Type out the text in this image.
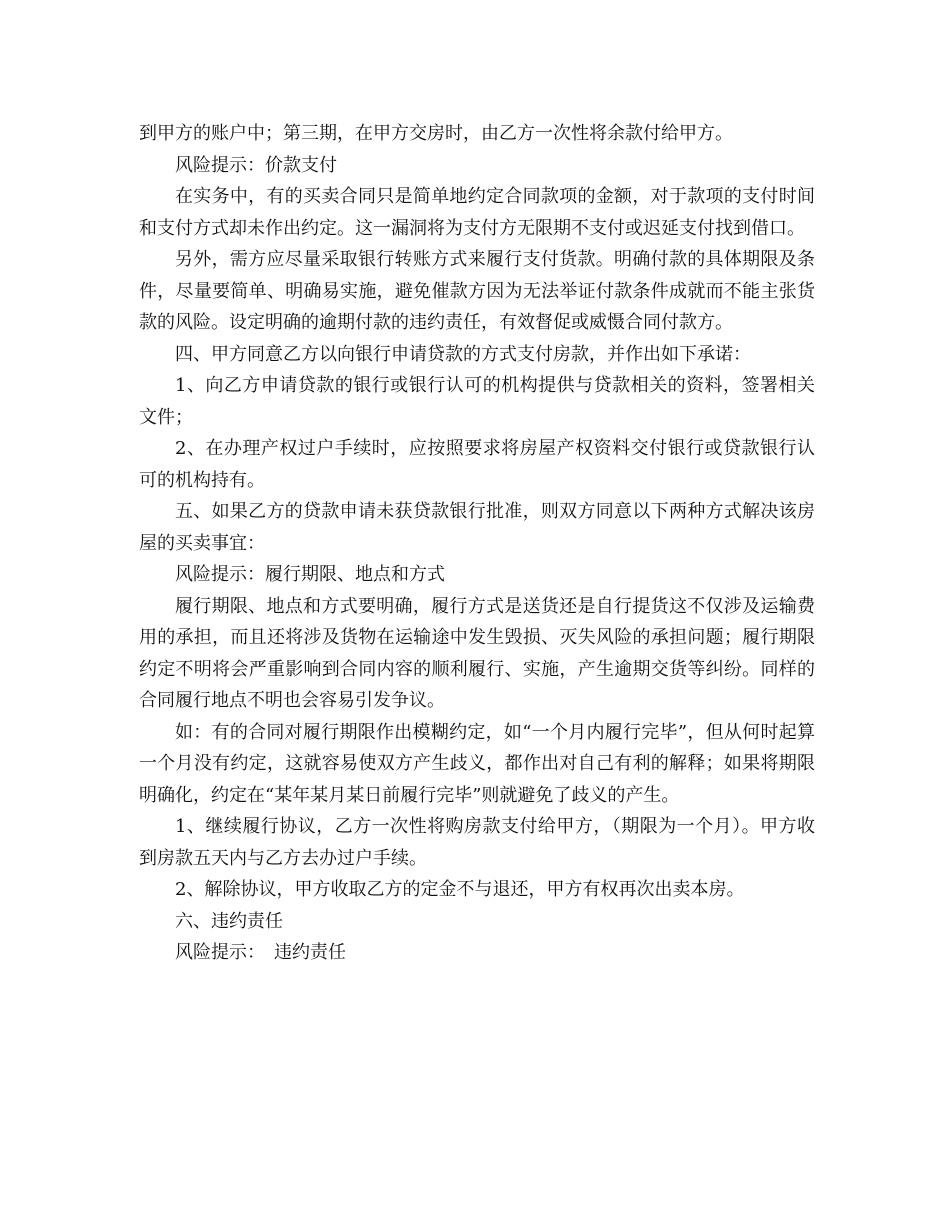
到甲方的账户中；第三期，在甲方交房时，由乙方一次性将余款付给甲方。

风险提示：价款支付

在实务中，有的买卖合同只是简单地约定合同款项的金额，对于款项的支付时间和支付方式却未作出约定。这一漏洞将为支付方无限期不支付或迟延支付找到借口。

另外，需方应尽量采取银行转账方式来履行支付货款。明确付款的具体期限及条件，尽量要简单、明确易实施，避免催款方因为无法举证付款条件成就而不能主张货款的风险。设定明确的逾期付款的违约责任，有效督促或威慑合同付款方。

四、甲方同意乙方以向银行申请贷款的方式支付房款，并作出如下承诺：

1、向乙方申请贷款的银行或银行认可的机构提供与贷款相关的资料，签署相关文件；

2、在办理产权过户手续时，应按照要求将房屋产权资料交付银行或贷款银行认可的机构持有。

五、如果乙方的贷款申请未获贷款银行批准，则双方同意以下两种方式解决该房屋的买卖事宜：

风险提示：履行期限、地点和方式

履行期限、地点和方式要明确，履行方式是送货还是自行提货这不仅涉及运输费用的承担，而且还将涉及货物在运输途中发生毁损、灭失风险的承担问题；履行期限约定不明将会严重影响到合同内容的顺利履行、实施，产生逾期交货等纠纷。同样的合同履行地点不明也会容易引发争议。

如：有的合同对履行期限作出模糊约定，如“一个月内履行完毕”，但从何时起算一个月没有约定，这就容易使双方产生歧义，都作出对自己有利的解释；如果将期限明确化，约定在“某年某月某日前履行完毕”则就避免了歧义的产生。

1、继续履行协议，乙方一次性将购房款支付给甲方，（期限为一个月）。甲方收到房款五天内与乙方去办过户手续。

2、解除协议，甲方收取乙方的定金不与退还，甲方有权再次出卖本房。

六、违约责任

风险提示：　违约责任
